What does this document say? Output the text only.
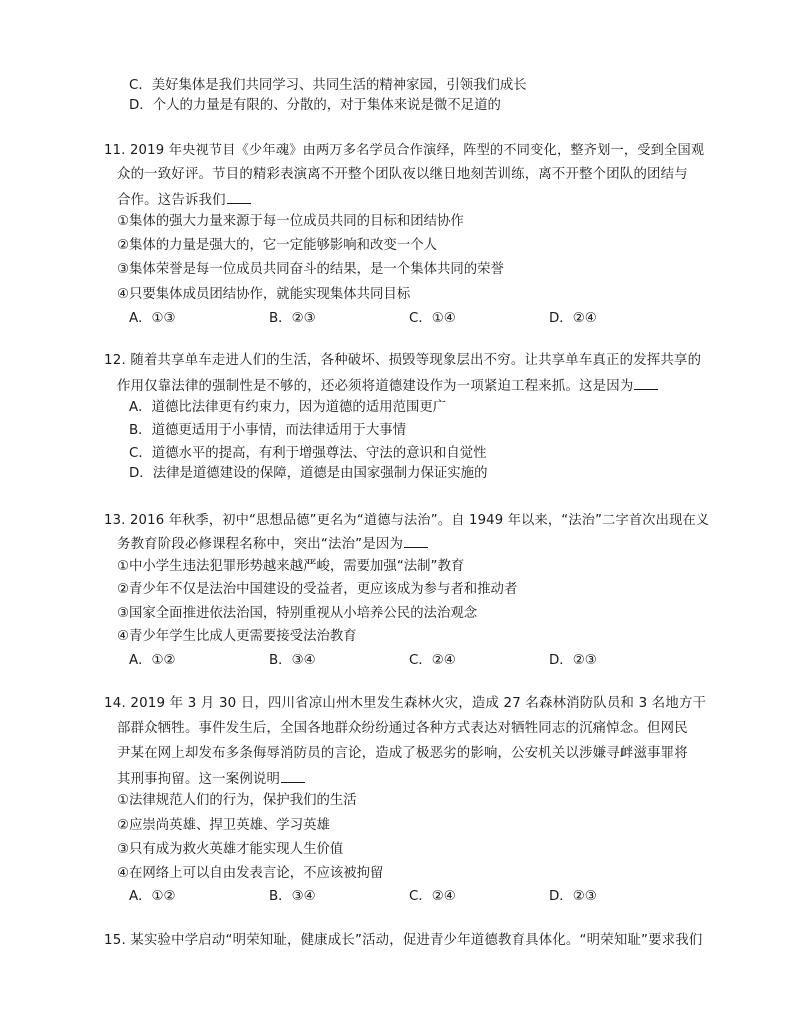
C．美好集体是我们共同学习、共同生活的精神家园，引领我们成长
D．个人的力量是有限的、分散的，对于集体来说是微不足道的
11. 2019 年央视节目《少年魂》由两万多名学员合作演绎，阵型的不同变化，整齐划一，受到全国观
众的一致好评。节目的精彩表演离不开整个团队夜以继日地刻苦训练，离不开整个团队的团结与
合作。这告诉我们
①集体的强大力量来源于每一位成员共同的目标和团结协作
②集体的力量是强大的，它一定能够影响和改变一个人
③集体荣誉是每一位成员共同奋斗的结果，是一个集体共同的荣誉
④只要集体成员团结协作，就能实现集体共同目标
A．①③	B．②③	C．①④	D．②④
12. 随着共享单车走进人们的生活，各种破坏、损毁等现象层出不穷。让共享单车真正的发挥共享的
作用仅靠法律的强制性是不够的，还必须将道德建设作为一项紧迫工程来抓。这是因为
A．道德比法律更有约束力，因为道德的适用范围更广
B．道德更适用于小事情，而法律适用于大事情
C．道德水平的提高，有利于增强尊法、守法的意识和自觉性
D．法律是道德建设的保障，道德是由国家强制力保证实施的
13. 2016 年秋季，初中“思想品德”更名为“道德与法治”。自 1949 年以来，“法治”二字首次出现在义
务教育阶段必修课程名称中，突出“法治”是因为
①中小学生违法犯罪形势越来越严峻，需要加强“法制”教育
②青少年不仅是法治中国建设的受益者，更应该成为参与者和推动者
③国家全面推进依法治国，特别重视从小培养公民的法治观念
④青少年学生比成人更需要接受法治教育
A．①②	B．③④	C．②④	D．②③
14. 2019 年 3 月 30 日，四川省凉山州木里发生森林火灾，造成 27 名森林消防队员和 3 名地方干
部群众牺牲。事件发生后，全国各地群众纷纷通过各种方式表达对牺牲同志的沉痛悼念。但网民
尹某在网上却发布多条侮辱消防员的言论，造成了极恶劣的影响，公安机关以涉嫌寻衅滋事罪将
其刑事拘留。这一案例说明
①法律规范人们的行为，保护我们的生活
②应崇尚英雄、捍卫英雄、学习英雄
③只有成为救火英雄才能实现人生价值
④在网络上可以自由发表言论，不应该被拘留
A．①②	B．③④	C．②④	D．②③
15. 某实验中学启动“明荣知耻，健康成长”活动，促进青少年道德教育具体化。“明荣知耻”要求我们
